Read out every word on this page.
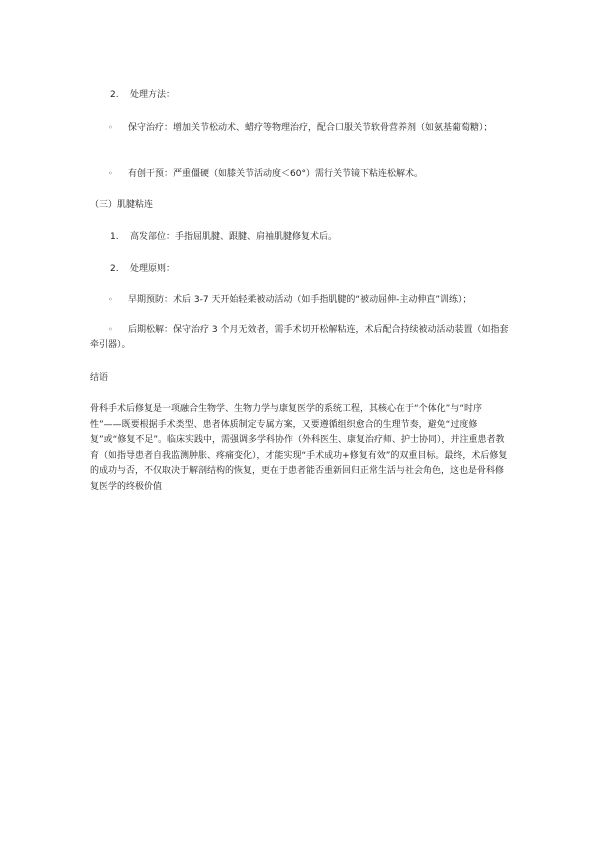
2. 处理方法：
◦ 保守治疗：增加关节松动术、蜡疗等物理治疗，配合口服关节软骨营养剂（如氨基葡萄糖）；
◦ 有创干预：严重僵硬（如膝关节活动度＜60°）需行关节镜下粘连松解术。
（三）肌腱粘连
1. 高发部位：手指屈肌腱、跟腱、肩袖肌腱修复术后。
2. 处理原则：
◦ 早期预防：术后 3-7 天开始轻柔被动活动（如手指肌腱的“被动屈伸-主动伸直”训练）；
◦ 后期松解：保守治疗 3 个月无效者，需手术切开松解粘连，术后配合持续被动活动装置（如指套牵引器）。
结语
骨科手术后修复是一项融合生物学、生物力学与康复医学的系统工程，其核心在于“个体化”与“时序性”——既要根据手术类型、患者体质制定专属方案，又要遵循组织愈合的生理节奏，避免“过度修复”或“修复不足”。临床实践中，需强调多学科协作（外科医生、康复治疗师、护士协同），并注重患者教育（如指导患者自我监测肿胀、疼痛变化），才能实现“手术成功+修复有效”的双重目标。最终，术后修复的成功与否，不仅取决于解剖结构的恢复，更在于患者能否重新回归正常生活与社会角色，这也是骨科修复医学的终极价值
